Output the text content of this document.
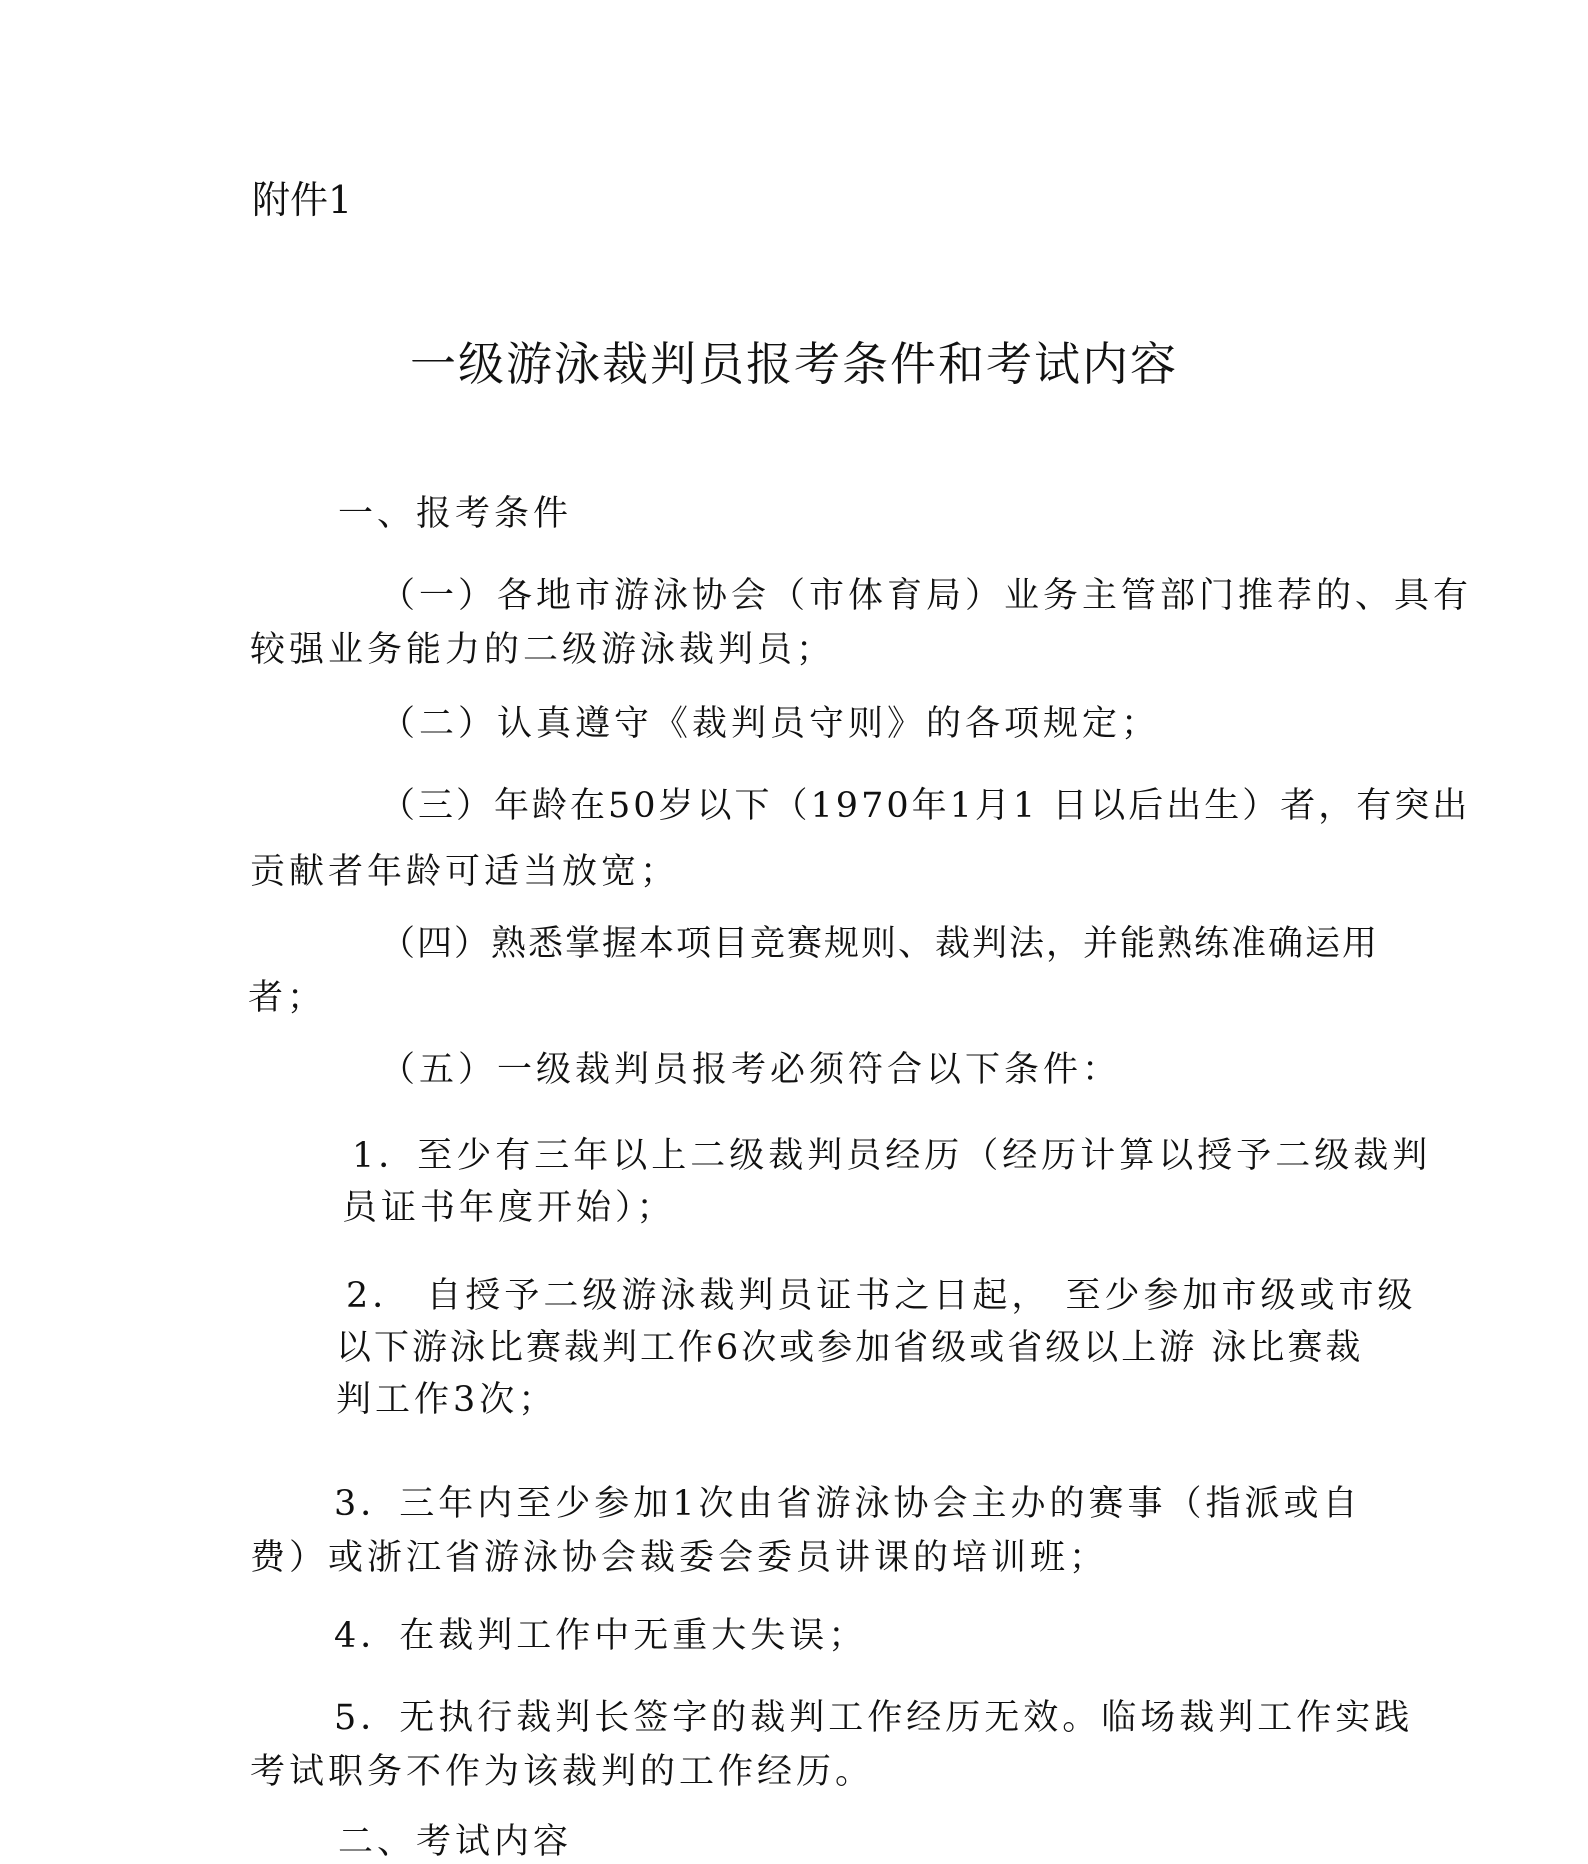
附件1
一级游泳裁判员报考条件和考试内容
一、报考条件
（一）各地市游泳协会（市体育局）业务主管部门推荐的、具有
较强业务能力的二级游泳裁判员；
（二）认真遵守《裁判员守则》的各项规定；
（三）年龄在50岁以下（1970年1月1 日以后出生）者，有突出
贡献者年龄可适当放宽；
（四）熟悉掌握本项目竞赛规则、裁判法，并能熟练准确运用
者；
（五）一级裁判员报考必须符合以下条件：
1．至少有三年以上二级裁判员经历（经历计算以授予二级裁判
员证书年度开始）；
2． 自授予二级游泳裁判员证书之日起， 至少参加市级或市级
以下游泳比赛裁判工作6次或参加省级或省级以上游 泳比赛裁
判工作3次；
3．三年内至少参加1次由省游泳协会主办的赛事（指派或自
费）或浙江省游泳协会裁委会委员讲课的培训班；
4．在裁判工作中无重大失误；
5．无执行裁判长签字的裁判工作经历无效。临场裁判工作实践
考试职务不作为该裁判的工作经历。
二、考试内容
